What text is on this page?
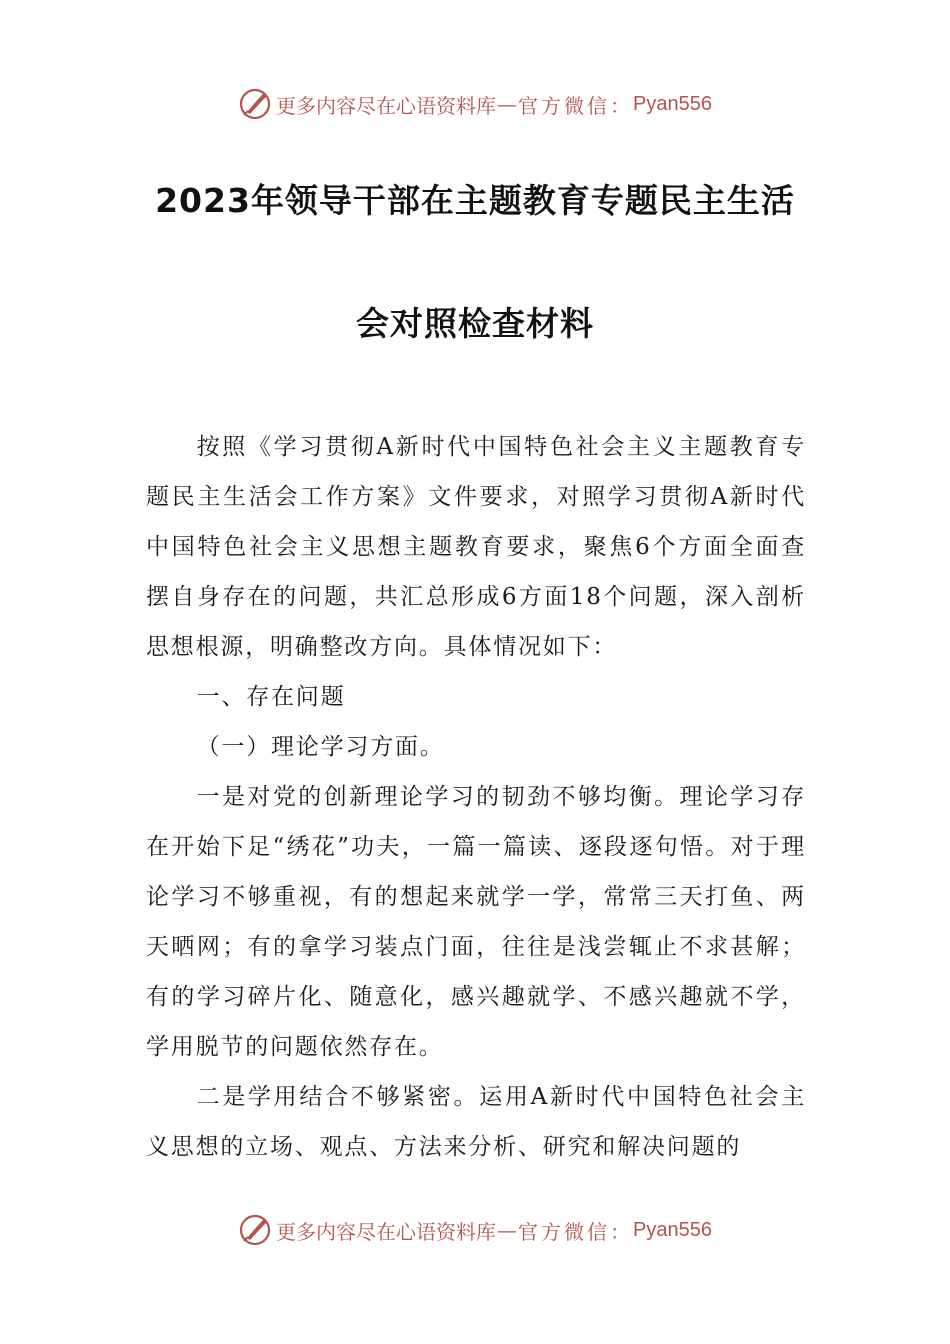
更多内容尽在心语资料库 — 官方微信： Pyan556
2023年领导干部在主题教育专题民主生活
会对照检查材料

按照《学习贯彻A新时代中国特色社会主义主题教育专题民主生活会工作方案》文件要求，对照学习贯彻A新时代中国特色社会主义思想主题教育要求，聚焦6个方面全面查摆自身存在的问题，共汇总形成6方面18个问题，深入剖析思想根源，明确整改方向。具体情况如下：

一、存在问题

（一）理论学习方面。

一是对党的创新理论学习的韧劲不够均衡。理论学习存在开始下足“绣花”功夫，一篇一篇读、逐段逐句悟。对于理论学习不够重视，有的想起来就学一学，常常三天打鱼、两天晒网；有的拿学习装点门面，往往是浅尝辄止不求甚解；有的学习碎片化、随意化，感兴趣就学、不感兴趣就不学，学用脱节的问题依然存在。

二是学用结合不够紧密。运用A新时代中国特色社会主义思想的立场、观点、方法来分析、研究和解决问题的

更多内容尽在心语资料库 — 官方微信： Pyan556
